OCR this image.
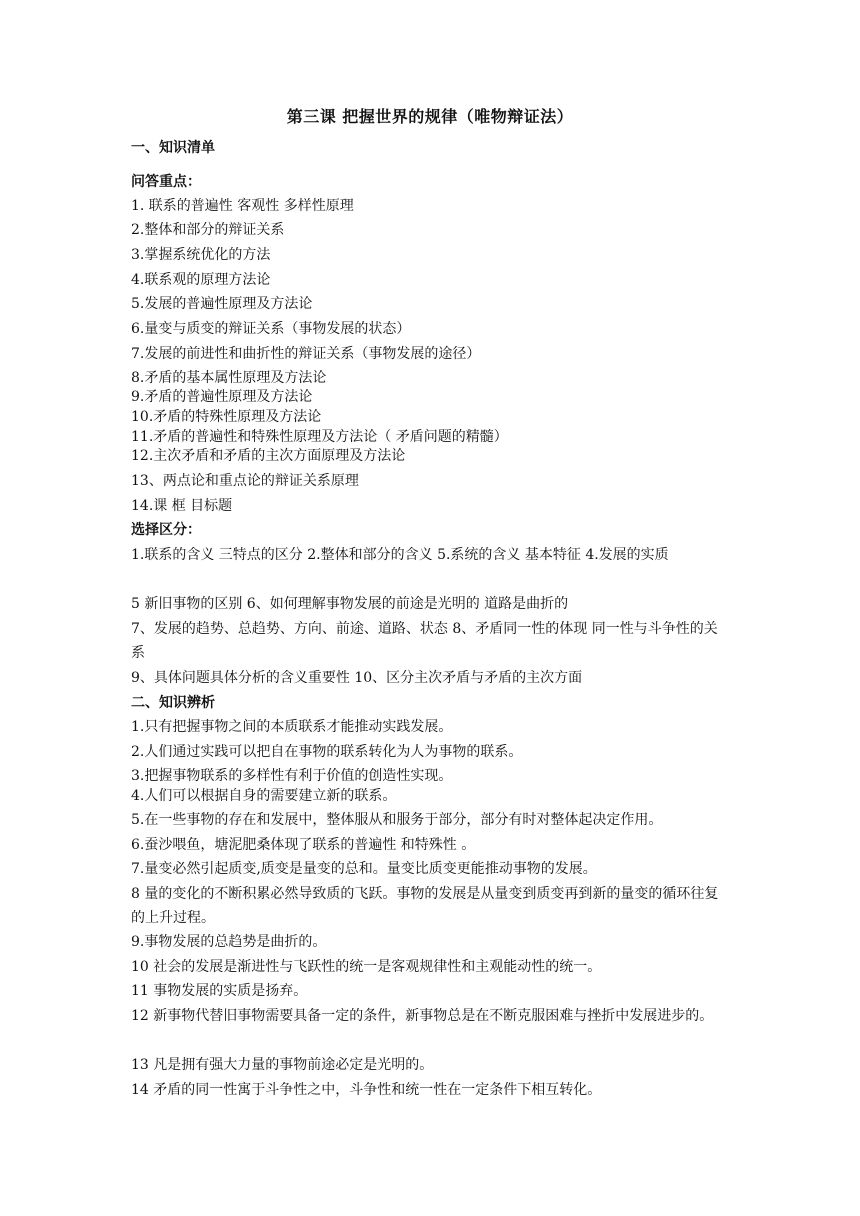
第三课 把握世界的规律（唯物辩证法）
一、知识清单
问答重点：
1. 联系的普遍性 客观性 多样性原理
2.整体和部分的辩证关系
3.掌握系统优化的方法
4.联系观的原理方法论
5.发展的普遍性原理及方法论
6.量变与质变的辩证关系（事物发展的状态）
7.发展的前进性和曲折性的辩证关系（事物发展的途径）
8.矛盾的基本属性原理及方法论
9.矛盾的普遍性原理及方法论
10.矛盾的特殊性原理及方法论
11.矛盾的普遍性和特殊性原理及方法论（ 矛盾问题的精髓）
12.主次矛盾和矛盾的主次方面原理及方法论
13、两点论和重点论的辩证关系原理
14.课 框 目标题
选择区分：
1.联系的含义 三特点的区分 2.整体和部分的含义 5.系统的含义 基本特征 4.发展的实质
5 新旧事物的区别 6、如何理解事物发展的前途是光明的 道路是曲折的
7、发展的趋势、总趋势、方向、前途、道路、状态 8、矛盾同一性的体现 同一性与斗争性的关系
9、具体问题具体分析的含义重要性 10、区分主次矛盾与矛盾的主次方面
二、知识辨析
1.只有把握事物之间的本质联系才能推动实践发展。
2.人们通过实践可以把自在事物的联系转化为人为事物的联系。
3.把握事物联系的多样性有利于价值的创造性实现。
4.人们可以根据自身的需要建立新的联系。
5.在一些事物的存在和发展中，整体服从和服务于部分，部分有时对整体起决定作用。
6.蚕沙喂鱼，塘泥肥桑体现了联系的普遍性 和特殊性 。
7.量变必然引起质变,质变是量变的总和。量变比质变更能推动事物的发展。
8 量的变化的不断积累必然导致质的飞跃。事物的发展是从量变到质变再到新的量变的循环往复的上升过程。
9.事物发展的总趋势是曲折的。
10 社会的发展是渐进性与飞跃性的统一是客观规律性和主观能动性的统一。
11 事物发展的实质是扬弃。
12 新事物代替旧事物需要具备一定的条件，新事物总是在不断克服困难与挫折中发展进步的。
13 凡是拥有强大力量的事物前途必定是光明的。
14 矛盾的同一性寓于斗争性之中，斗争性和统一性在一定条件下相互转化。
